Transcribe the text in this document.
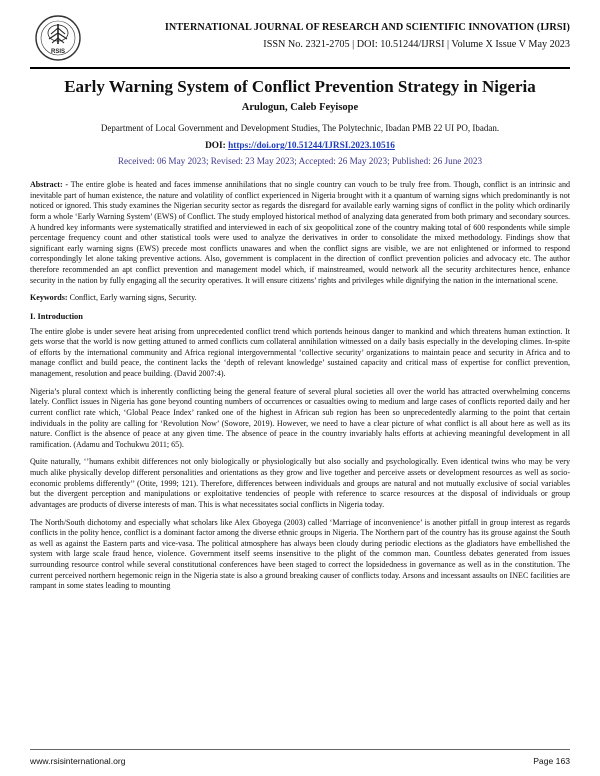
RSIS
INTERNATIONAL JOURNAL OF RESEARCH AND SCIENTIFIC INNOVATION (IJRSI)
ISSN No. 2321-2705 | DOI: 10.51244/IJRSI | Volume X Issue V May 2023
Early Warning System of Conflict Prevention Strategy in Nigeria
Arulogun, Caleb Feyisope
Department of Local Government and Development Studies, The Polytechnic, Ibadan PMB 22 UI PO, Ibadan.
DOI: https://doi.org/10.51244/IJRSI.2023.10516
Received: 06 May 2023; Revised: 23 May 2023; Accepted: 26 May 2023; Published: 26 June 2023

Abstract: - The entire globe is heated and faces immense annihilations that no single country can vouch to be truly free from. Though, conflict is an intrinsic and inevitable part of human existence, the nature and volatility of conflict experienced in Nigeria brought with it a quantum of warning signs which predominantly is not noticed or ignored. This study examines the Nigerian security sector as regards the disregard for available early warning signs of conflict in the polity which ordinarily form a whole ‘Early Warning System’ (EWS) of Conflict. The study employed historical method of analyzing data generated from both primary and secondary sources. A hundred key informants were systematically stratified and interviewed in each of six geopolitical zone of the country making total of 600 respondents while simple percentage frequency count and other statistical tools were used to analyze the derivatives in order to consolidate the mixed methodology. Findings show that significant early warning signs (EWS) precede most conflicts unawares and when the conflict signs are visible, we are not enlightened or informed to respond correspondingly let alone taking preventive actions. Also, government is complacent in the direction of conflict prevention policies and advocacy etc. The author therefore recommended an apt conflict prevention and management model which, if mainstreamed, would network all the security architectures hence, enhance security in the nation by fully engaging all the security operatives. It will ensure citizens’ rights and privileges while dignifying the nation in the international scene.

Keywords: Conflict, Early warning signs, Security.

I. Introduction

The entire globe is under severe heat arising from unprecedented conflict trend which portends heinous danger to mankind and which threatens human extinction. It gets worse that the world is now getting attuned to armed conflicts cum collateral annihilation witnessed on a daily basis especially in the developing climes. In-spite of efforts by the international community and Africa regional intergovernmental ‘collective security’ organizations to maintain peace and security in Africa and to manage conflict and build peace, the continent lacks the ‘depth of relevant knowledge’ sustained capacity and critical mass of expertise for conflict prevention, management, resolution and peace building. (David 2007:4).

Nigeria’s plural context which is inherently conflicting being the general feature of several plural societies all over the world has attracted overwhelming concerns lately. Conflict issues in Nigeria has gone beyond counting numbers of occurrences or casualties owing to medium and large cases of conflicts reported daily and her current conflict rate which, ‘Global Peace Index’ ranked one of the highest in African sub region has been so unprecedentedly alarming to the point that certain individuals in the polity are calling for ‘Revolution Now’ (Sowore, 2019). However, we need to have a clear picture of what conflict is all about here as well as its nature. Conflict is the absence of peace at any given time. The absence of peace in the country invariably halts efforts at achieving meaningful development in all ramification. (Adamu and Tochukwu 2011; 65).

Quite naturally, ‘’humans exhibit differences not only biologically or physiologically but also socially and psychologically. Even identical twins who may be very much alike physically develop different personalities and orientations as they grow and live together and perceive assets or development resources as well as socio-economic problems differently’’ (Otite, 1999; 121). Therefore, differences between individuals and groups are natural and not mutually exclusive of social variables but the divergent perception and manipulations or exploitative tendencies of people with reference to scarce resources at the disposal of individuals or group advantages are products of diverse interests of man. This is what necessitates social conflicts in Nigeria today.

The North/South dichotomy and especially what scholars like Alex Gboyega (2003) called ‘Marriage of inconvenience’ is another pitfall in group interest as regards conflicts in the polity hence, conflict is a dominant factor among the diverse ethnic groups in Nigeria. The Northern part of the country has its grouse against the South as well as against the Eastern parts and vice-vasa. The political atmosphere has always been cloudy during periodic elections as the gladiators have embellished the system with large scale fraud hence, violence. Government itself seems insensitive to the plight of the common man. Countless debates generated from issues surrounding resource control while several constitutional conferences have been staged to correct the lopsidedness in governance as well as in the constitution. The current perceived northern hegemonic reign in the Nigeria state is also a ground breaking causer of conflicts today. Arsons and incessant assaults on INEC facilities are rampant in some states leading to mounting

www.rsisinternational.org	Page 163
